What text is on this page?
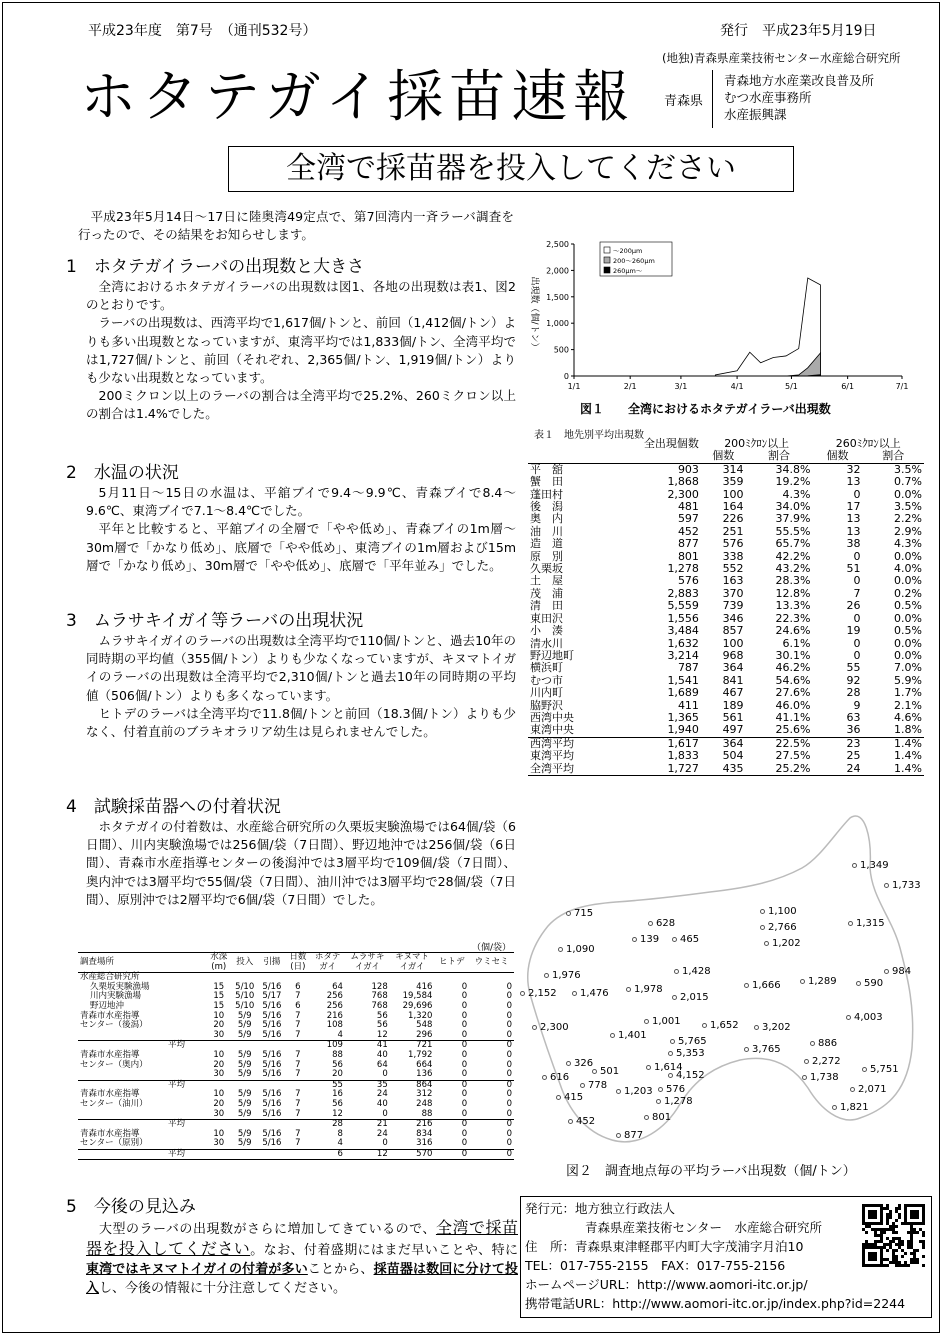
平成23年度　第7号　（通刊532号）	発行　平成23年5月19日
(地独)青森県産業技術センター水産総合研究所
ホタテガイ採苗速報 青森県
青森地方水産業改良普及所
むつ水産事務所
水産振興課
全湾で採苗器を投入してください

平成23年5月14日～17日に陸奥湾49定点で、第7回湾内一斉ラーバ調査を行ったので、その結果をお知らせします。

1　ホタテガイラーバの出現数と大きさ

全湾におけるホタテガイラーバの出現数は図1、各地の出現数は表1、図2のとおりです。

ラーバの出現数は、西湾平均で1,617個/トンと、前回（1,412個/トン）よりも多い出現数となっていますが、東湾平均では1,833個/トン、全湾平均では1,727個/トンと、前回（それぞれ、2,365個/トン、1,919個/トン）よりも少ない出現数となっています。

200ミクロン以上のラーバの割合は全湾平均で25.2%、260ミクロン以上の割合は1.4%でした。

2　水温の状況

5月11日～15日の水温は、平舘ブイで9.4～9.9℃、青森ブイで8.4～9.6℃、東湾ブイで7.1～8.4℃でした。

平年と比較すると、平舘ブイの全層で「やや低め」、青森ブイの1m層～30m層で「かなり低め」、底層で「やや低め」、東湾ブイの1m層および15m層で「かなり低め」、30m層で「やや低め」、底層で「平年並み」でした。

3　ムラサキイガイ等ラーバの出現状況

ムラサキイガイのラーバの出現数は全湾平均で110個/トンと、過去10年の同時期の平均値（355個/トン）よりも少なくなっていますが、キヌマトイガイのラーバの出現数は全湾平均で2,310個/トンと過去10年の同時期の平均値（506個/トン）よりも多くなっています。

ヒトデのラーバは全湾平均で11.8個/トンと前回（18.3個/トン）よりも少なく、付着直前のブラキオラリア幼生は見られませんでした。

4　試験採苗器への付着状況

ホタテガイの付着数は、水産総合研究所の久栗坂実験漁場では64個/袋（6日間）、川内実験漁場では256個/袋（7日間）、野辺地沖では256個/袋（6日間）、青森市水産指導センターの後潟沖では3層平均で109個/袋（7日間）、奥内沖では3層平均で55個/袋（7日間）、油川沖では3層平均で28個/袋（7日間）、原別沖では2層平均で6個/袋（7日間）でした。

（個/袋）
調査場所	水深
(m)	投入	引揚	日数
(日)	ホタテ
ガイ	ムラサキ
イガイ	キヌマト
イガイ	ヒトデ	ウミセミ
水産総合研究所									
久栗坂実験漁場	15	5/10	5/16	6	64	128	416	0	0
川内実験漁場	15	5/10	5/17	7	256	768	19,584	0	0
野辺地沖	15	5/10	5/16	6	256	768	29,696	0	0
青森市水産指導	10	5/9	5/16	7	216	56	1,320	0	0
センター（後潟）	20	5/9	5/16	7	108	56	548	0	0
	30	5/9	5/16	7	4	12	296	0	0
平均					109	41	721	0	0
青森市水産指導	10	5/9	5/16	7	88	40	1,792	0	0
センター（奥内）	20	5/9	5/16	7	56	64	664	0	0
	30	5/9	5/16	7	20	0	136	0	0
平均					55	35	864	0	0
青森市水産指導	10	5/9	5/16	7	16	24	312	0	0
センター（油川）	20	5/9	5/16	7	56	40	248	0	0
	30	5/9	5/16	7	12	0	88	0	0
平均					28	21	216	0	0
青森市水産指導	10	5/9	5/16	7	8	24	834	0	0
センター（原別）	30	5/9	5/16	7	4	0	316	0	0
平均					6	12	570	0	0
5　今後の見込み

大型のラーバの出現数がさらに増加してきているので、全湾で採苗器を投入してください。なお、付着盛期にはまだ早いことや、特に東湾ではキヌマトイガイの付着が多いことから、採苗器は数回に分けて投入し、今後の情報に十分注意してください。

0
500
1,000
1,500
2,000
2,500
1/1	2/1	3/1	4/1	5/1	6/1	7/1
出現数（個/トン）
～200μm
200～260μm
260μm～
図１　　全湾におけるホタテガイラーバ出現数
表１　地先別平均出現数
	全出現個数	200ﾐｸﾛﾝ以上		260ﾐｸﾛﾝ以上	
		個数	割合	個数	割合
平　舘	903	314	34.8%	32	3.5%
蟹　田	1,868	359	19.2%	13	0.7%
蓬田村	2,300	100	4.3%	0	0.0%
後　潟	481	164	34.0%	17	3.5%
奥　内	597	226	37.9%	13	2.2%
油　川	452	251	55.5%	13	2.9%
造　道	877	576	65.7%	38	4.3%
原　別	801	338	42.2%	0	0.0%
久栗坂	1,278	552	43.2%	51	4.0%
土　屋	576	163	28.3%	0	0.0%
茂　浦	2,883	370	12.8%	7	0.2%
清　田	5,559	739	13.3%	26	0.5%
東田沢	1,556	346	22.3%	0	0.0%
小　湊	3,484	857	24.6%	19	0.5%
清水川	1,632	100	6.1%	0	0.0%
野辺地町	3,214	968	30.1%	0	0.0%
横浜町	787	364	46.2%	55	7.0%
むつ市	1,541	841	54.6%	92	5.9%
川内町	1,689	467	27.6%	28	1.7%
脇野沢	411	189	46.0%	9	2.1%
西湾中央	1,365	561	41.1%	63	4.6%
東湾中央	1,940	497	25.6%	36	1.8%
西湾平均	1,617	364	22.5%	23	1.4%
東湾平均	1,833	504	27.5%	25	1.4%
全湾平均	1,727	435	25.2%	24	1.4%
1,349
1,733
715
628
139 465
1,100
2,766
1,202
1,315
1,090
984
1,976	1,428
1,666	1,289	590
2,152 1,476	1,978
2,015
4,003
1,001	1,652 3,202
2,300
1,401
5,765	886
3,765
5,353
2,272
326
501	1,614	5,751
616	4,152	1,738
778
1,203 576	2,071
415	1,278
1,821
801
452
877
図２　調査地点毎の平均ラーバ出現数（個/トン）
発行元：地方独立行政法人
青森県産業技術センター　水産総合研究所
住　所：青森県東津軽郡平内町大字茂浦字月泊10
TEL：017-755-2155　FAX：017-755-2156
ホームページURL：http://www.aomori-itc.or.jp/
携帯電話URL：http://www.aomori-itc.or.jp/index.php?id=2244
